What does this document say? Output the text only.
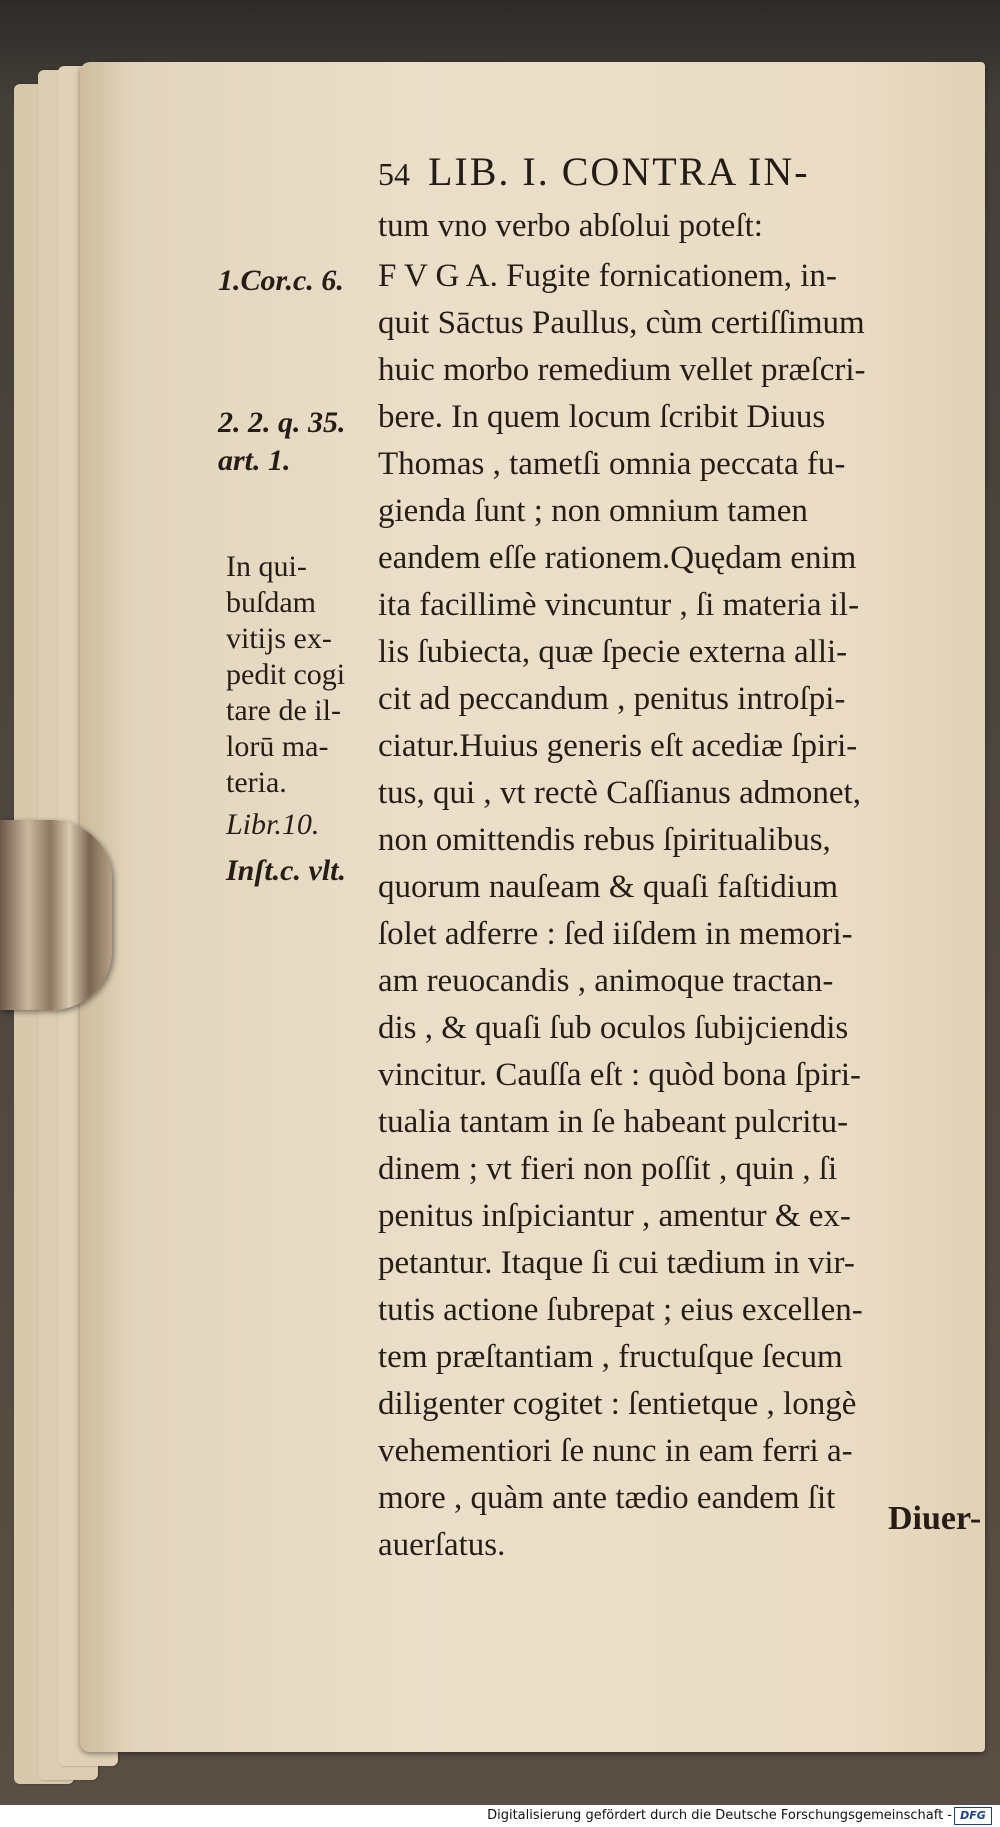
54 LIB. I. CONTRA IN-
tum vno verbo abſolui poteſt:
F V G A. Fugite fornicationem, in-
quit Sāctus Paullus, cùm certiſſimum
huic morbo remedium vellet præſcri-
bere. In quem locum ſcribit Diuus
Thomas , tametſi omnia peccata fu-
gienda ſunt ; non omnium tamen
eandem eſſe rationem.Quędam enim
ita facillimè vincuntur , ſi materia il-
lis ſubiecta, quæ ſpecie externa alli-
cit ad peccandum , penitus introſpi-
ciatur.Huius generis eſt acediæ ſpiri-
tus, qui , vt rectè Caſſianus admonet,
non omittendis rebus ſpiritualibus,
quorum nauſeam & quaſi faſtidium
ſolet adferre : ſed iiſdem in memori-
am reuocandis , animoque tractan-
dis , & quaſi ſub oculos ſubijciendis
vincitur. Cauſſa eſt : quòd bona ſpiri-
tualia tantam in ſe habeant pulcritu-
dinem ; vt fieri non poſſit , quin , ſi
penitus inſpiciantur , amentur & ex-
petantur. Itaque ſi cui tædium in vir-
tutis actione ſubrepat ; eius excellen-
tem præſtantiam , fructuſque ſecum
diligenter cogitet : ſentietque , longè
vehementiori ſe nunc in eam ferri a-
more , quàm ante tædio eandem ſit
auerſatus.
1.Cor.c. 6.
2. 2. q. 35.
art. 1.
In qui-
buſdam
vitijs ex-
pedit cogi
tare de il-
lorū ma-
teria.
Libr.10.
Inſt.c. vlt.
Diuer-
Digitalisierung gefördert durch die Deutsche Forschungsgemeinschaft - DFG
